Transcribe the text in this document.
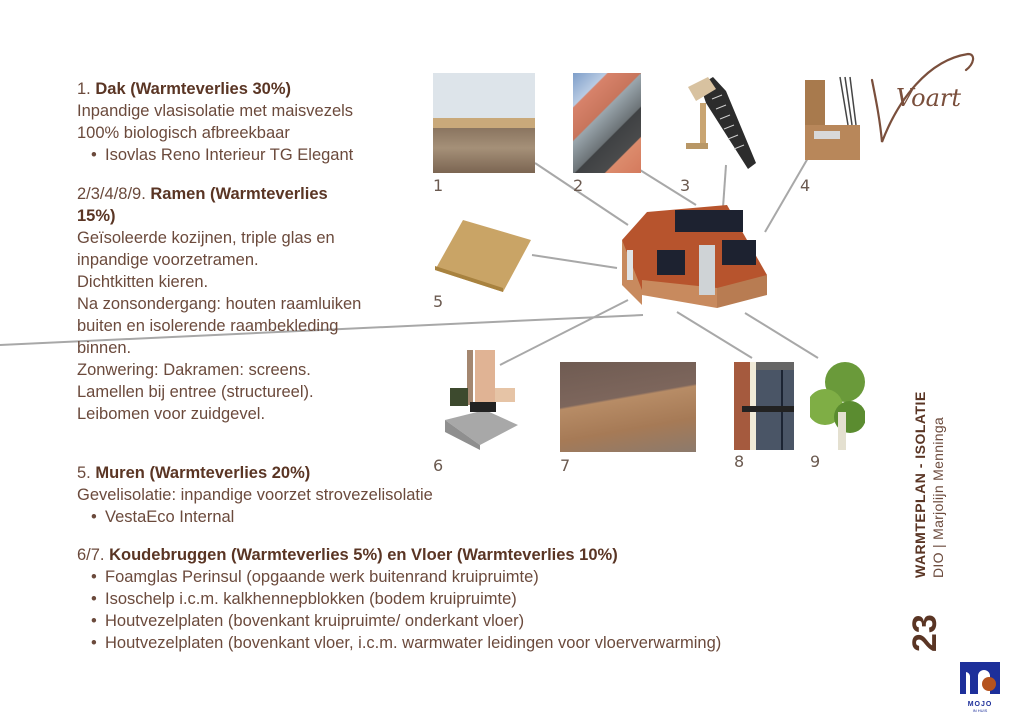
1. Dak (Warmteverlies 30%)
Inpandige vlasisolatie met maisvezels
100% biologisch afbreekbaar
• Isovlas Reno Interieur TG Elegant
2/3/4/8/9. Ramen (Warmteverlies
15%)
Geïsoleerde kozijnen, triple glas en
inpandige voorzetramen.
Dichtkitten kieren.
Na zonsondergang: houten raamluiken
buiten en isolerende raambekleding
binnen.
Zonwering: Dakramen: screens.
Lamellen bij entree (structureel).
Leibomen voor zuidgevel.
5. Muren (Warmteverlies 20%)
Gevelisolatie: inpandige voorzet strovezelisolatie
• VestaEco Internal
6/7. Koudebruggen (Warmteverlies 5%) en Vloer (Warmteverlies 10%)
• Foamglas Perinsul (opgaande werk buitenrand kruipruimte)
• Isoschelp i.c.m. kalkhennepblokken (bodem kruipruimte)
• Houtvezelplaten (bovenkant kruipruimte/ onderkant vloer)
• Houtvezelplaten (bovenkant vloer, i.c.m. warmwater leidingen voor vloerverwarming)
1	2	3	4
5
6	7	8	9
Voart
WARMTEPLAN - ISOLATIE DIO | Marjolijn Menninga
23
MOJO
IN HUIS
